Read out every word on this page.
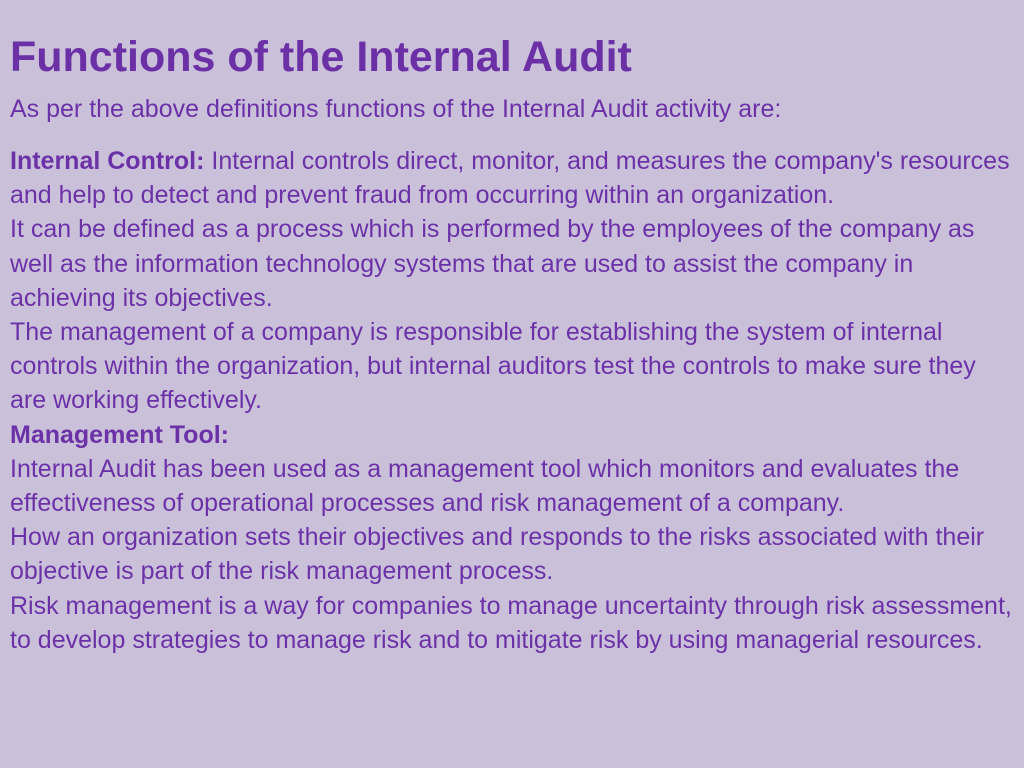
Functions of the Internal Audit

As per the above definitions functions of the Internal Audit activity are:

Internal Control: Internal controls direct, monitor, and measures the company's resources and help to detect and prevent fraud from occurring within an organization.

It can be defined as a process which is performed by the employees of the company as well as the information technology systems that are used to assist the company in achieving its objectives.

The management of a company is responsible for establishing the system of internal controls within the organization, but internal auditors test the controls to make sure they are working effectively.

Management Tool:

Internal Audit has been used as a management tool which monitors and evaluates the effectiveness of operational processes and risk management of a company.

How an organization sets their objectives and responds to the risks associated with their objective is part of the risk management process.

Risk management is a way for companies to manage uncertainty through risk assessment, to develop strategies to manage risk and to mitigate risk by using managerial resources.
